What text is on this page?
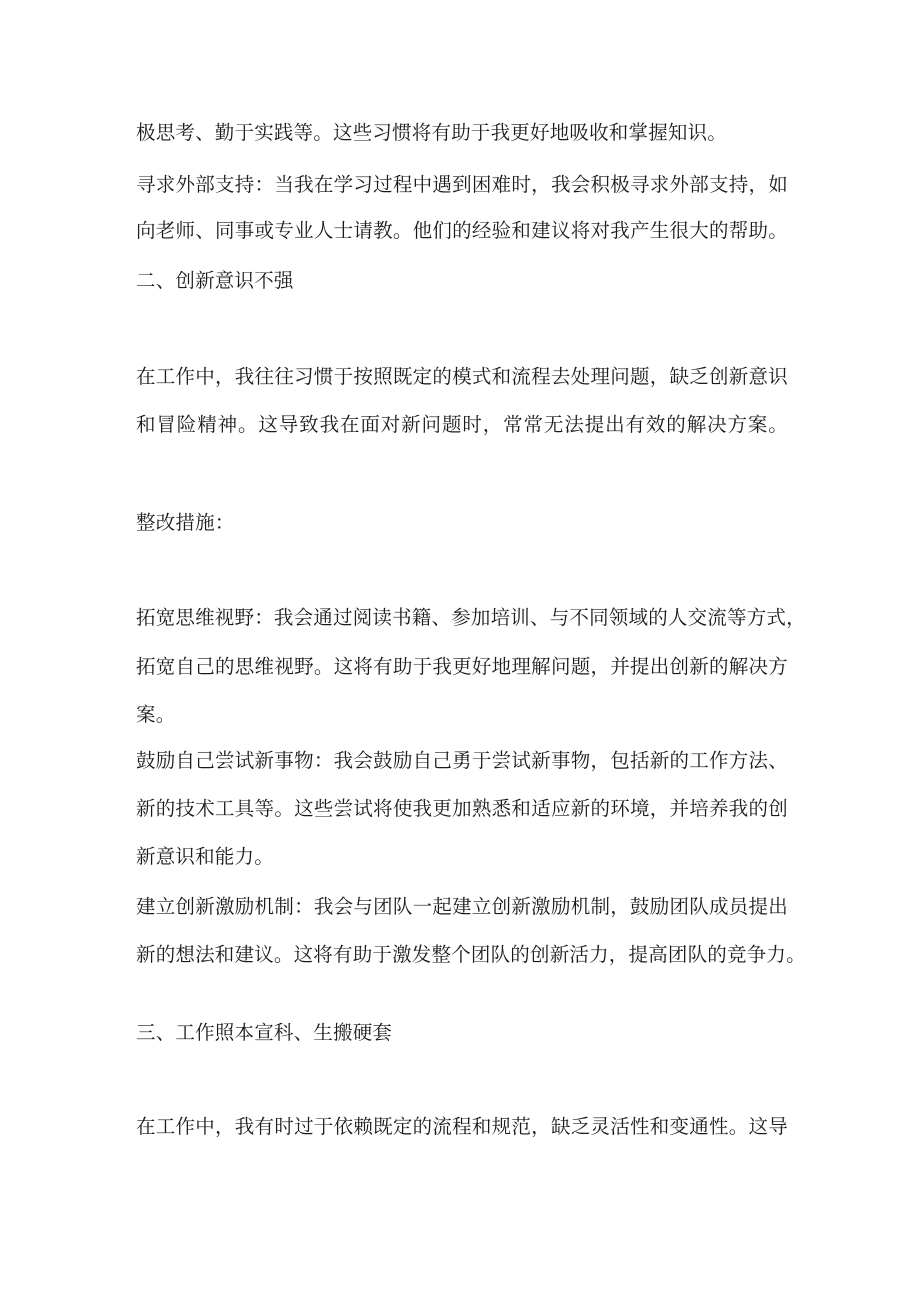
极思考、勤于实践等。这些习惯将有助于我更好地吸收和掌握知识。
寻求外部支持：当我在学习过程中遇到困难时，我会积极寻求外部支持，如
向老师、同事或专业人士请教。他们的经验和建议将对我产生很大的帮助。
二、创新意识不强
在工作中，我往往习惯于按照既定的模式和流程去处理问题，缺乏创新意识
和冒险精神。这导致我在面对新问题时，常常无法提出有效的解决方案。
整改措施：
拓宽思维视野：我会通过阅读书籍、参加培训、与不同领域的人交流等方式，
拓宽自己的思维视野。这将有助于我更好地理解问题，并提出创新的解决方
案。
鼓励自己尝试新事物：我会鼓励自己勇于尝试新事物，包括新的工作方法、
新的技术工具等。这些尝试将使我更加熟悉和适应新的环境，并培养我的创
新意识和能力。
建立创新激励机制：我会与团队一起建立创新激励机制，鼓励团队成员提出
新的想法和建议。这将有助于激发整个团队的创新活力，提高团队的竞争力。
三、工作照本宣科、生搬硬套
在工作中，我有时过于依赖既定的流程和规范，缺乏灵活性和变通性。这导
